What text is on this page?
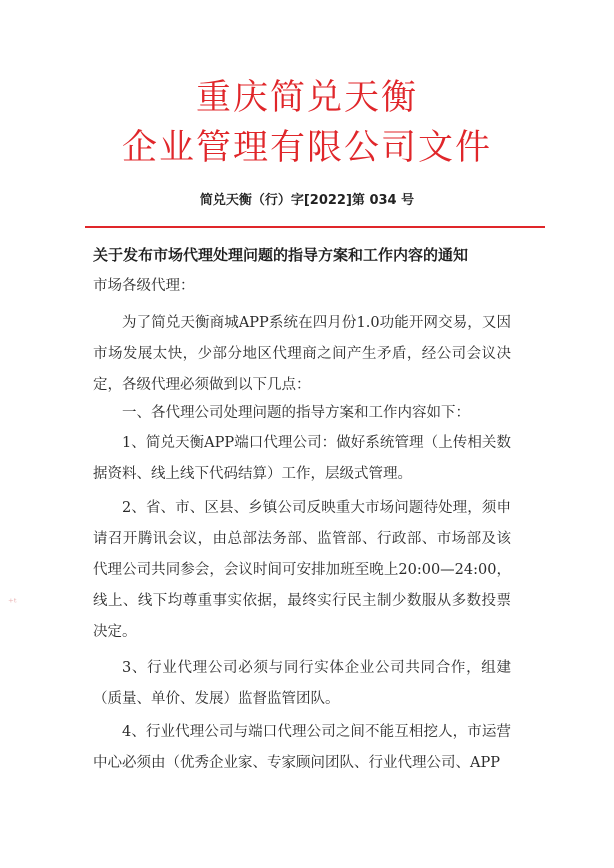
重庆简兑天衡
企业管理有限公司文件
简兑天衡（行）字[2022]第 034 号
关于发布市场代理处理问题的指导方案和工作内容的通知
市场各级代理：
为了简兑天衡商城APP系统在四月份1.0功能开网交易，又因市场发展太快，少部分地区代理商之间产生矛盾，经公司会议决定，各级代理必须做到以下几点：
一、各代理公司处理问题的指导方案和工作内容如下：
1、简兑天衡APP端口代理公司：做好系统管理（上传相关数据资料、线上线下代码结算）工作，层级式管理。
2、省、市、区县、乡镇公司反映重大市场问题待处理，须申请召开腾讯会议，由总部法务部、监管部、行政部、市场部及该代理公司共同参会，会议时间可安排加班至晚上20:00—24:00，线上、线下均尊重事实依据，最终实行民主制少数服从多数投票决定。
3、行业代理公司必须与同行实体企业公司共同合作，组建（质量、单价、发展）监督监管团队。
4、行业代理公司与端口代理公司之间不能互相挖人，市运营中心必须由（优秀企业家、专家顾问团队、行业代理公司、APP
⁺ᵗ
